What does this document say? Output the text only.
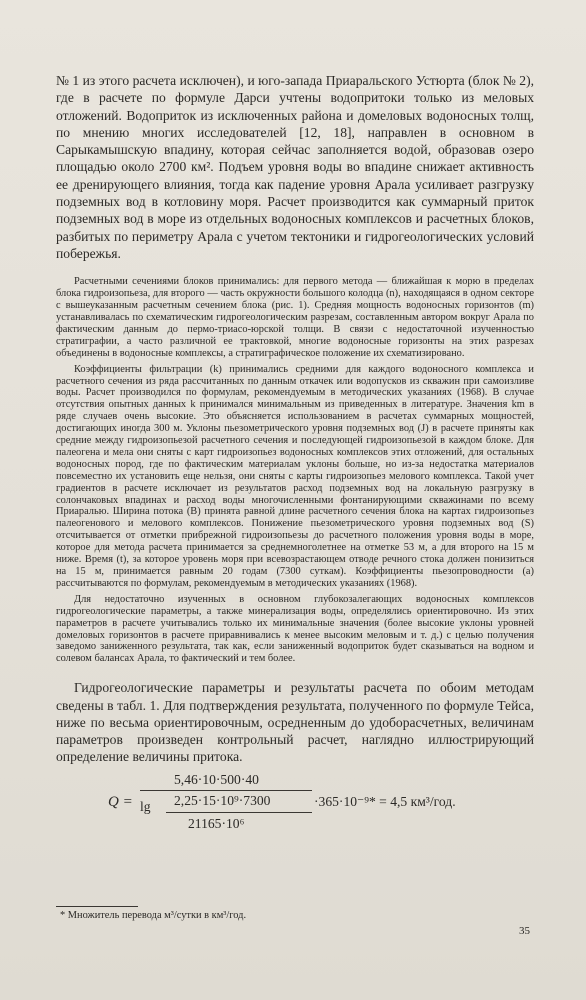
№ 1 из этого расчета исключен), и юго-запада Приаральского Устюрта (блок № 2), где в расчете по формуле Дарси учтены водопритоки только из меловых отложений. Водоприток из исключенных района и домеловых водоносных толщ, по мнению многих исследователей [12, 18], направлен в основном в Сарыкамышскую впадину, которая сейчас заполняется водой, образовав озеро площадью около 2700 км². Подъем уровня воды во впадине снижает активность ее дренирующего влияния, тогда как падение уровня Арала усиливает разгрузку подземных вод в котловину моря. Расчет производится как суммарный приток подземных вод в море из отдельных водоносных комплексов и расчетных блоков, разбитых по периметру Арала с учетом тектоники и гидрогеологических условий побережья.

Расчетными сечениями блоков принимались: для первого метода — ближайшая к морю в пределах блока гидроизопьеза, для второго — часть окружности большого колодца (n), находящаяся в одном секторе с вышеуказанным расчетным сечением блока (рис. 1). Средняя мощность водоносных горизонтов (m) устанавливалась по схематическим гидрогеологическим разрезам, составленным автором вокруг Арала по фактическим данным до пермо-триасо-юрской толщи. В связи с недостаточной изученностью стратиграфии, а часто различной ее трактовкой, многие водоносные горизонты на этих разрезах объединены в водоносные комплексы, а стратиграфическое положение их схематизировано.

Коэффициенты фильтрации (k) принимались средними для каждого водоносного комплекса и расчетного сечения из ряда рассчитанных по данным откачек или водопусков из скважин при самоизливе воды. Расчет производился по формулам, рекомендуемым в методических указаниях (1968). В случае отсутствия опытных данных k принимался минимальным из приведенных в литературе. Значения km в ряде случаев очень высокие. Это объясняется использованием в расчетах суммарных мощностей, достигающих иногда 300 м. Уклоны пьезометрического уровня подземных вод (J) в расчете приняты как средние между гидроизопьезой расчетного сечения и последующей гидроизопьезой в каждом блоке. Для палеогена и мела они сняты с карт гидроизопьез водоносных комплексов этих отложений, для остальных водоносных пород, где по фактическим материалам уклоны больше, но из-за недостатка материалов повсеместно их установить еще нельзя, они сняты с карты гидроизопьез мелового комплекса. Такой учет градиентов в расчете исключает из результатов расход подземных вод на локальную разгрузку в солончаковых впадинах и расход воды многочисленными фонтанирующими скважинами по всему Приаралью. Ширина потока (B) принята равной длине расчетного сечения блока на картах гидроизопьез палеогенового и мелового комплексов. Понижение пьезометрического уровня подземных вод (S) отсчитывается от отметки прибрежной гидроизопьезы до расчетного положения уровня воды в море, которое для метода расчета принимается за среднемноголетнее на отметке 53 м, а для второго на 15 м ниже. Время (t), за которое уровень моря при всевозрастающем отводе речного стока должен понизиться на 15 м, принимается равным 20 годам (7300 суткам). Коэффициенты пьезопроводности (a) рассчитываются по формулам, рекомендуемым в методических указаниях (1968).

Для недостаточно изученных в основном глубокозалегающих водоносных комплексов гидрогеологические параметры, а также минерализация воды, определялись ориентировочно. Из этих параметров в расчете учитывались только их минимальные значения (более высокие уклоны уровней домеловых горизонтов в расчете приравнивались к менее высоким меловым и т. д.) с целью получения заведомо заниженного результата, так как, если заниженный водоприток будет сказываться на водном и солевом балансах Арала, то фактический и тем более.

Гидрогеологические параметры и результаты расчета по обоим методам сведены в табл. 1. Для подтверждения результата, полученного по формуле Тейса, ниже по весьма ориентировочным, осредненным до удоборасчетных, величинам параметров произведен контрольный расчет, наглядно иллюстрирующий определение величины притока.

Q =
5,46·10·500·40
lg 2,25·15·10⁹·7300
21165·10⁶
·365·10⁻⁹* = 4,5 км³/год.
* Множитель перевода м³/сутки в км³/год.
35
